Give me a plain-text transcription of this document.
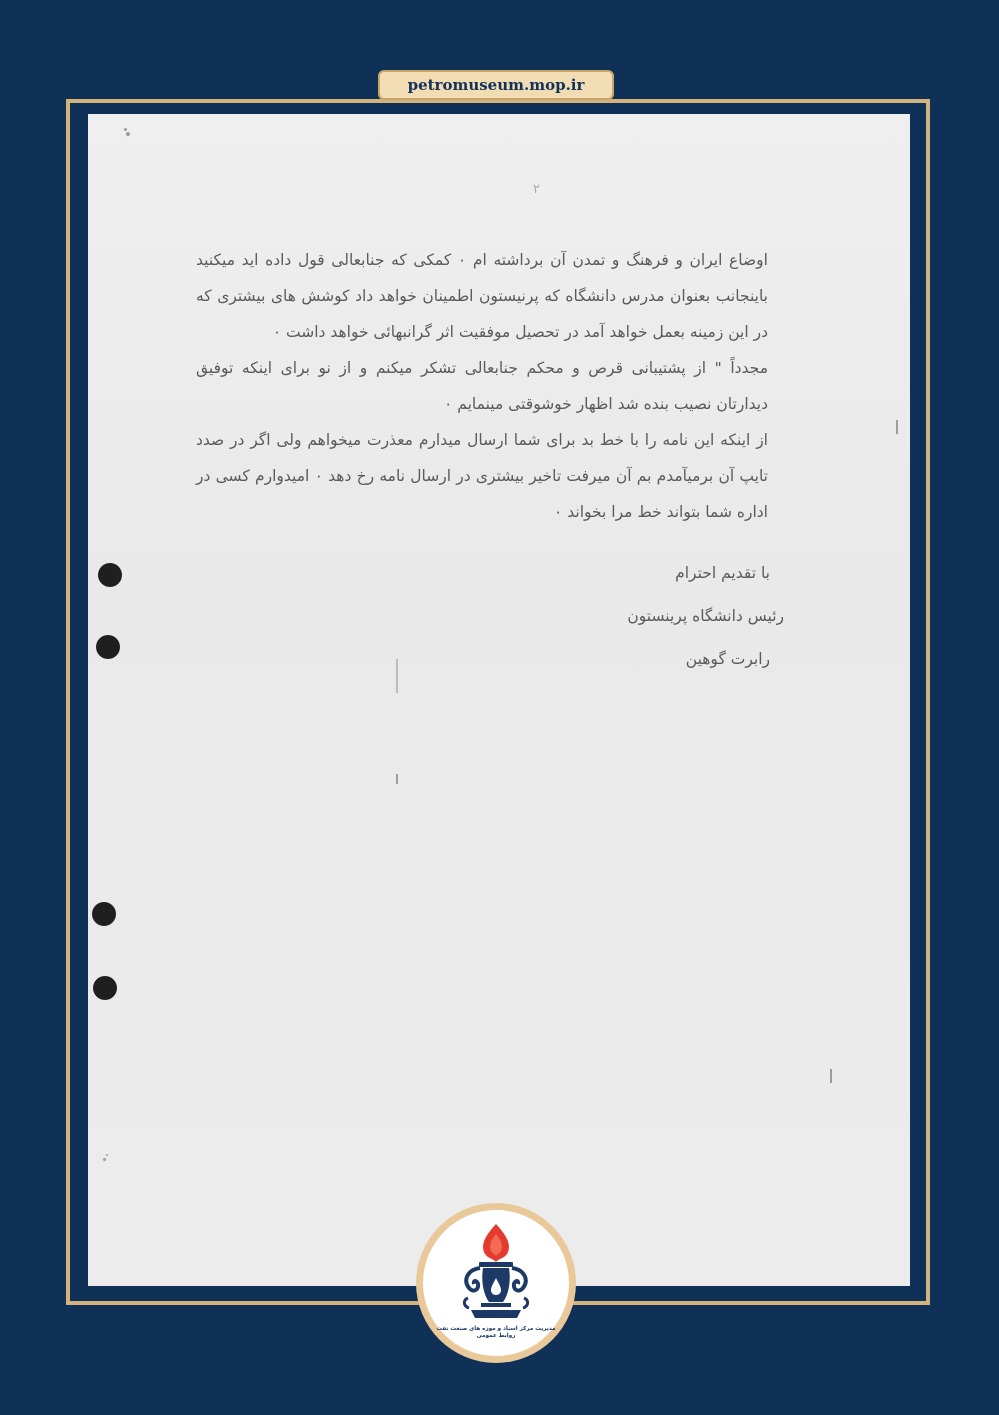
petromuseum.mop.ir
۲

اوضاع ایران و فرهنگ و تمدن آن برداشته ام ۰ کمکی که جنابعالی قول داده اید میکنید باینجانب بعنوان مدرس دانشگاه که پرنیستون اطمینان خواهد داد کوشش های بیشتری که در این زمینه بعمل خواهد آمد در تحصیل موفقیت اثر گرانبهائی خواهد داشت ۰

مجدداً " از پشتیبانی قرص و محکم جنابعالی تشکر میکنم و از نو برای اینکه توفیق دیدارتان نصیب بنده شد اظهار خوشوقتی مینمایم ۰

از اینکه این نامه را با خط بد برای شما ارسال میدارم معذرت میخواهم ولی اگر در صدد تایپ آن برمیآمدم بم آن میرفت تاخیر بیشتری در ارسال نامه رخ دهد ۰ امیدوارم کسی در اداره شما بتواند خط مرا بخواند ۰

با تقدیم احترام
رئیس دانشگاه پرینستون
رابرت گوهین
مدیریت مرکز اسناد و موزه های صنعت نفت
روابط عمومی
